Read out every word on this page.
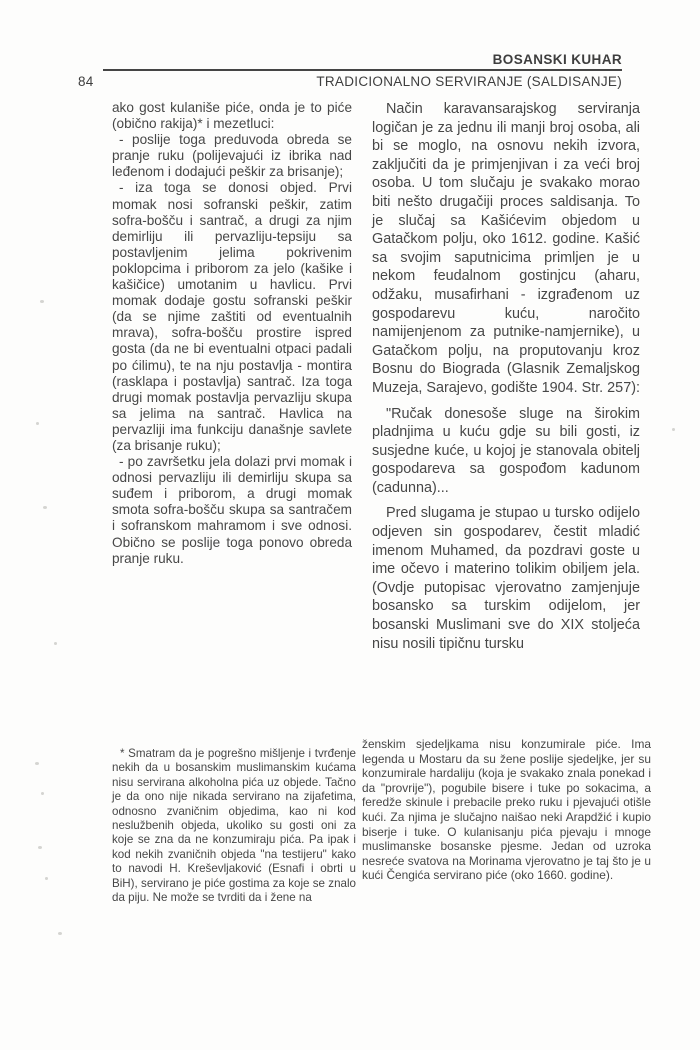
BOSANSKI KUHAR
84	TRADICIONALNO SERVIRANJE (SALDISANJE)

ako gost kulaniše piće, onda je to piće (obično rakija)* i mezetluci:

- poslije toga preduvoda obreda se pranje ruku (polijevajući iz ibrika nad leđenom i dodajući peškir za brisanje);

- iza toga se donosi objed. Prvi momak nosi sofranski peškir, zatim sofra-bošču i santrač, a drugi za njim demirliju ili pervazliju-tepsiju sa postavljenim jelima pokrivenim poklopcima i priborom za jelo (kašike i kašičice) umotanim u havlicu. Prvi momak dodaje gostu sofranski peškir (da se njime zaštiti od eventualnih mrava), sofra-bošču prostire ispred gosta (da ne bi eventualni otpaci padali po ćilimu), te na nju postavlja - montira (rasklapa i postavlja) santrač. Iza toga drugi momak postavlja pervazliju skupa sa jelima na santrač. Havlica na pervazliji ima funkciju današnje savlete (za brisanje ruku);

- po završetku jela dolazi prvi momak i odnosi pervazliju ili demirliju skupa sa suđem i priborom, a drugi momak smota sofra-bošču skupa sa santračem i sofranskom mahramom i sve odnosi. Obično se poslije toga ponovo obreda pranje ruku.

Način karavansarajskog serviranja logičan je za jednu ili manji broj osoba, ali bi se moglo, na osnovu nekih izvora, zaključiti da je primjenjivan i za veći broj osoba. U tom slučaju je svakako morao biti nešto drugačiji proces saldisanja. To je slučaj sa Kašićevim objedom u Gatačkom polju, oko 1612. godine. Kašić sa svojim saputnicima primljen je u nekom feudalnom gostinjcu (aharu, odžaku, musafirhani - izgrađenom uz gospodarevu kuću, naročito namijenjenom za putnike-namjernike), u Gatačkom polju, na proputovanju kroz Bosnu do Biograda (Glasnik Zemaljskog Muzeja, Sarajevo, godište 1904. Str. 257):

"Ručak donesoše sluge na širokim pladnjima u kuću gdje su bili gosti, iz susjedne kuće, u kojoj je stanovala obitelj gospodareva sa gospođom kadunom (cadunna)...

Pred slugama je stupao u tursko odijelo odjeven sin gospodarev, čestit mladić imenom Muhamed, da pozdravi goste u ime očevo i materino tolikim obiljem jela. (Ovdje putopisac vjerovatno zamjenjuje bosansko sa turskim odijelom, jer bosanski Muslimani sve do XIX stoljeća nisu nosili tipičnu tursku

* Smatram da je pogrešno mišljenje i tvrđenje nekih da u bosanskim muslimanskim kućama nisu servirana alkoholna pića uz objede. Tačno je da ono nije nikada servirano na zijafetima, odnosno zvaničnim objedima, kao ni kod neslužbenih objeda, ukoliko su gosti oni za koje se zna da ne konzumiraju pića. Pa ipak i kod nekih zvaničnih objeda "na testijeru" kako to navodi H. Kreševljaković (Esnafi i obrti u BiH), servirano je piće gostima za koje se znalo da piju. Ne može se tvrditi da i žene na

ženskim sjedeljkama nisu konzumirale piće. Ima legenda u Mostaru da su žene poslije sjedeljke, jer su konzumirale hardaliju (koja je svakako znala ponekad i da "provrije"), pogubile bisere i tuke po sokacima, a feredže skinule i prebacile preko ruku i pjevajući otišle kući. Za njima je slučajno naišao neki Arapdžić i kupio biserje i tuke. O kulanisanju pića pjevaju i mnoge muslimanske bosanske pjesme. Jedan od uzroka nesreće svatova na Morinama vjerovatno je taj što je u kući Čengića servirano piće (oko 1660. godine).
